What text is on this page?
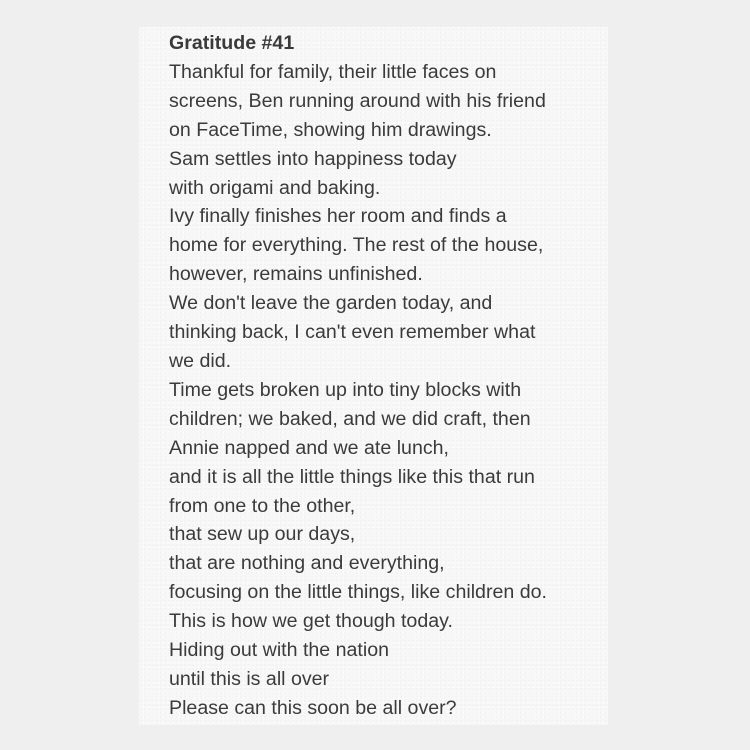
Gratitude #41
Thankful for family, their little faces on
screens, Ben running around with his friend
on FaceTime, showing him drawings.
Sam settles into happiness today
with origami and baking.
Ivy finally finishes her room and finds a
home for everything. The rest of the house,
however, remains unfinished.
We don't leave the garden today, and
thinking back, I can't even remember what
we did.
Time gets broken up into tiny blocks with
children; we baked, and we did craft, then
Annie napped and we ate lunch,
and it is all the little things like this that run
from one to the other,
that sew up our days,
that are nothing and everything,
focusing on the little things, like children do.
This is how we get though today.
Hiding out with the nation
until this is all over
Please can this soon be all over?
